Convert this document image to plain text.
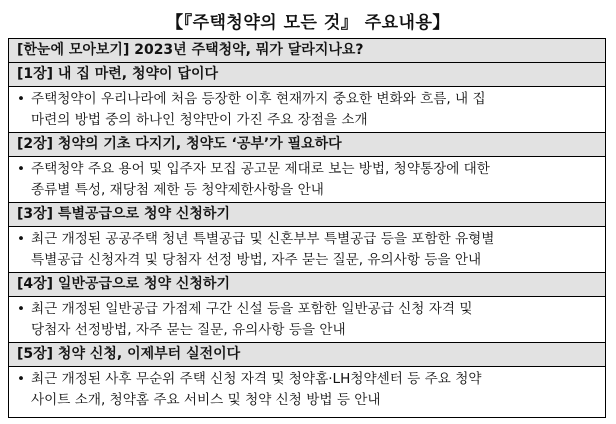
【『주택청약의 모든 것』 주요내용】
[한눈에 모아보기] 2023년 주택청약, 뭐가 달라지나요?
[1장] 내 집 마련, 청약이 답이다
• 주택청약이 우리나라에 처음 등장한 이후 현재까지 중요한 변화와 흐름, 내 집
마련의 방법 중의 하나인 청약만이 가진 주요 장점을 소개
[2장] 청약의 기초 다지기, 청약도 ‘공부’가 필요하다
• 주택청약 주요 용어 및 입주자 모집 공고문 제대로 보는 방법, 청약통장에 대한
종류별 특성, 재당첨 제한 등 청약제한사항을 안내
[3장] 특별공급으로 청약 신청하기
• 최근 개정된 공공주택 청년 특별공급 및 신혼부부 특별공급 등을 포함한 유형별
특별공급 신청자격 및 당첨자 선정 방법, 자주 묻는 질문, 유의사항 등을 안내
[4장] 일반공급으로 청약 신청하기
• 최근 개정된 일반공급 가점제 구간 신설 등을 포함한 일반공급 신청 자격 및
당첨자 선정방법, 자주 묻는 질문, 유의사항 등을 안내
[5장] 청약 신청, 이제부터 실전이다
• 최근 개정된 사후 무순위 주택 신청 자격 및 청약홈·LH청약센터 등 주요 청약
사이트 소개, 청약홈 주요 서비스 및 청약 신청 방법 등 안내
